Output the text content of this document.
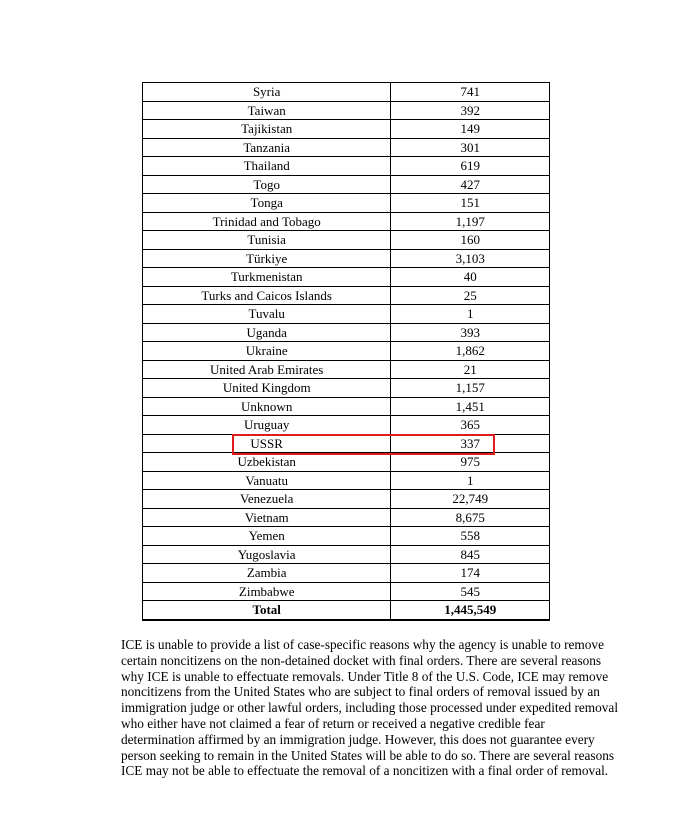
Syria	741
Taiwan	392
Tajikistan	149
Tanzania	301
Thailand	619
Togo	427
Tonga	151
Trinidad and Tobago	1,197
Tunisia	160
Türkiye	3,103
Turkmenistan	40
Turks and Caicos Islands	25
Tuvalu	1
Uganda	393
Ukraine	1,862
United Arab Emirates	21
United Kingdom	1,157
Unknown	1,451
Uruguay	365
USSR	337
Uzbekistan	975
Vanuatu	1
Venezuela	22,749
Vietnam	8,675
Yemen	558
Yugoslavia	845
Zambia	174
Zimbabwe	545
Total	1,445,549

ICE is unable to provide a list of case-specific reasons why the agency is unable to remove certain noncitizens on the non-detained docket with final orders. There are several reasons why ICE is unable to effectuate removals. Under Title 8 of the U.S. Code, ICE may remove noncitizens from the United States who are subject to final orders of removal issued by an immigration judge or other lawful orders, including those processed under expedited removal who either have not claimed a fear of return or received a negative credible fear determination affirmed by an immigration judge. However, this does not guarantee every person seeking to remain in the United States will be able to do so. There are several reasons ICE may not be able to effectuate the removal of a noncitizen with a final order of removal.
